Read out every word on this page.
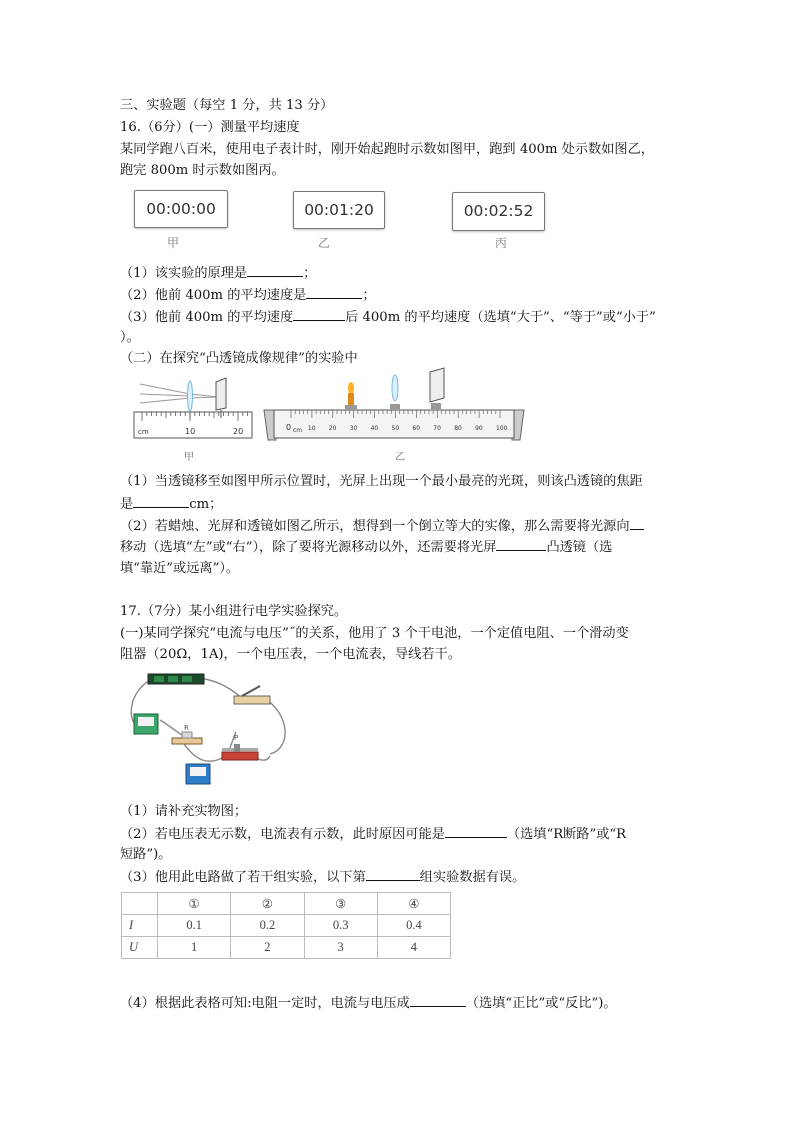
三、实验题（每空 1 分，共 13 分）
16.（6分）(一）测量平均速度
某同学跑八百米，使用电子表计时，刚开始起跑时示数如图甲，跑到 400m 处示数如图乙，
跑完 800m 时示数如图丙。
00:00:00
甲
00:01:20
乙
00:02:52
丙
（1）该实验的原理是	；
（2）他前 400m 的平均速度是	；
（3）他前 400m 的平均速度	后 400m 的平均速度（选填“大于”、“等于”或“小于”
）。
（二）在探究“凸透镜成像规律”的实验中
cm	10	20
甲
0 cm 10 20 30 40 50 60 70 80 90 100
乙
（1）当透镜移至如图甲所示位置时，光屏上出现一个最小最亮的光斑，则该凸透镜的焦距
是	cm；
（2）若蜡烛、光屏和透镜如图乙所示，想得到一个倒立等大的实像，那么需要将光源向
移动（选填“左”或“右”），除了要将光源移动以外，还需要将光屏	凸透镜（选
填“靠近”或远离”）。
17.（7分）某小组进行电学实验探究。
(一)某同学探究“电流与电压”˝的关系，他用了 3 个干电池，一个定值电阻、一个滑动变
阻器（20Ω，1A)，一个电压表，一个电流表，导线若干。
R
P
（1）请补充实物图；
（2）若电压表无示数，电流表有示数，此时原因可能是	（选填“R断路”或“R
短路”)。
（3）他用此电路做了若干组实验，以下第	组实验数据有误。
	①	②	③	④
I	0.1	0.2	0.3	0.4
U	1	2	3	4
（4）根据此表格可知:电阻一定时，电流与电压成	（选填“正比”或“反比”)。
